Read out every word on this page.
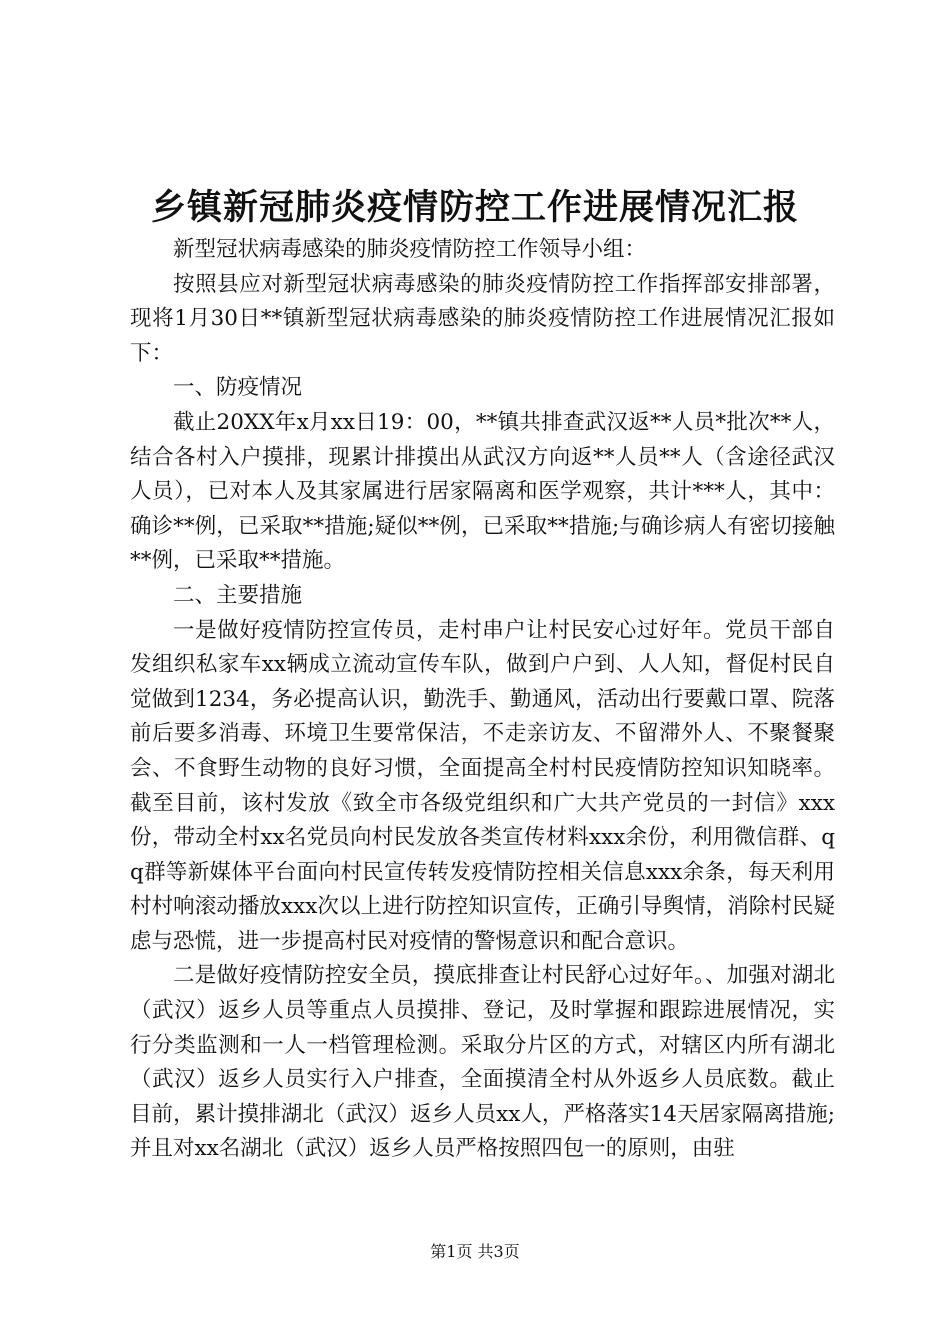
乡镇新冠肺炎疫情防控工作进展情况汇报

新型冠状病毒感染的肺炎疫情防控工作领导小组：

按照县应对新型冠状病毒感染的肺炎疫情防控工作指挥部安排部署，现将1月30日**镇新型冠状病毒感染的肺炎疫情防控工作进展情况汇报如下：

一、防疫情况

截止20XX年x月xx日19：00，**镇共排查武汉返**人员*批次**人，结合各村入户摸排，现累计排摸出从武汉方向返**人员**人（含途径武汉人员），已对本人及其家属进行居家隔离和医学观察，共计***人，其中：确诊**例，已采取**措施;疑似**例，已采取**措施;与确诊病人有密切接触**例，已采取**措施。

二、主要措施

一是做好疫情防控宣传员，走村串户让村民安心过好年。党员干部自发组织私家车xx辆成立流动宣传车队，做到户户到、人人知，督促村民自觉做到1234，务必提高认识，勤洗手、勤通风，活动出行要戴口罩、院落前后要多消毒、环境卫生要常保洁，不走亲访友、不留滞外人、不聚餐聚会、不食野生动物的良好习惯，全面提高全村村民疫情防控知识知晓率。截至目前，该村发放《致全市各级党组织和广大共产党员的一封信》xxx份，带动全村xx名党员向村民发放各类宣传材料xxx余份，利用微信群、qq群等新媒体平台面向村民宣传转发疫情防控相关信息xxx余条，每天利用村村响滚动播放xxx次以上进行防控知识宣传，正确引导舆情，消除村民疑虑与恐慌，进一步提高村民对疫情的警惕意识和配合意识。

二是做好疫情防控安全员，摸底排查让村民舒心过好年。、加强对湖北（武汉）返乡人员等重点人员摸排、登记，及时掌握和跟踪进展情况，实行分类监测和一人一档管理检测。采取分片区的方式，对辖区内所有湖北（武汉）返乡人员实行入户排查，全面摸清全村从外返乡人员底数。截止目前，累计摸排湖北（武汉）返乡人员xx人，严格落实14天居家隔离措施;并且对xx名湖北（武汉）返乡人员严格按照四包一的原则，由驻

第1页 共3页
